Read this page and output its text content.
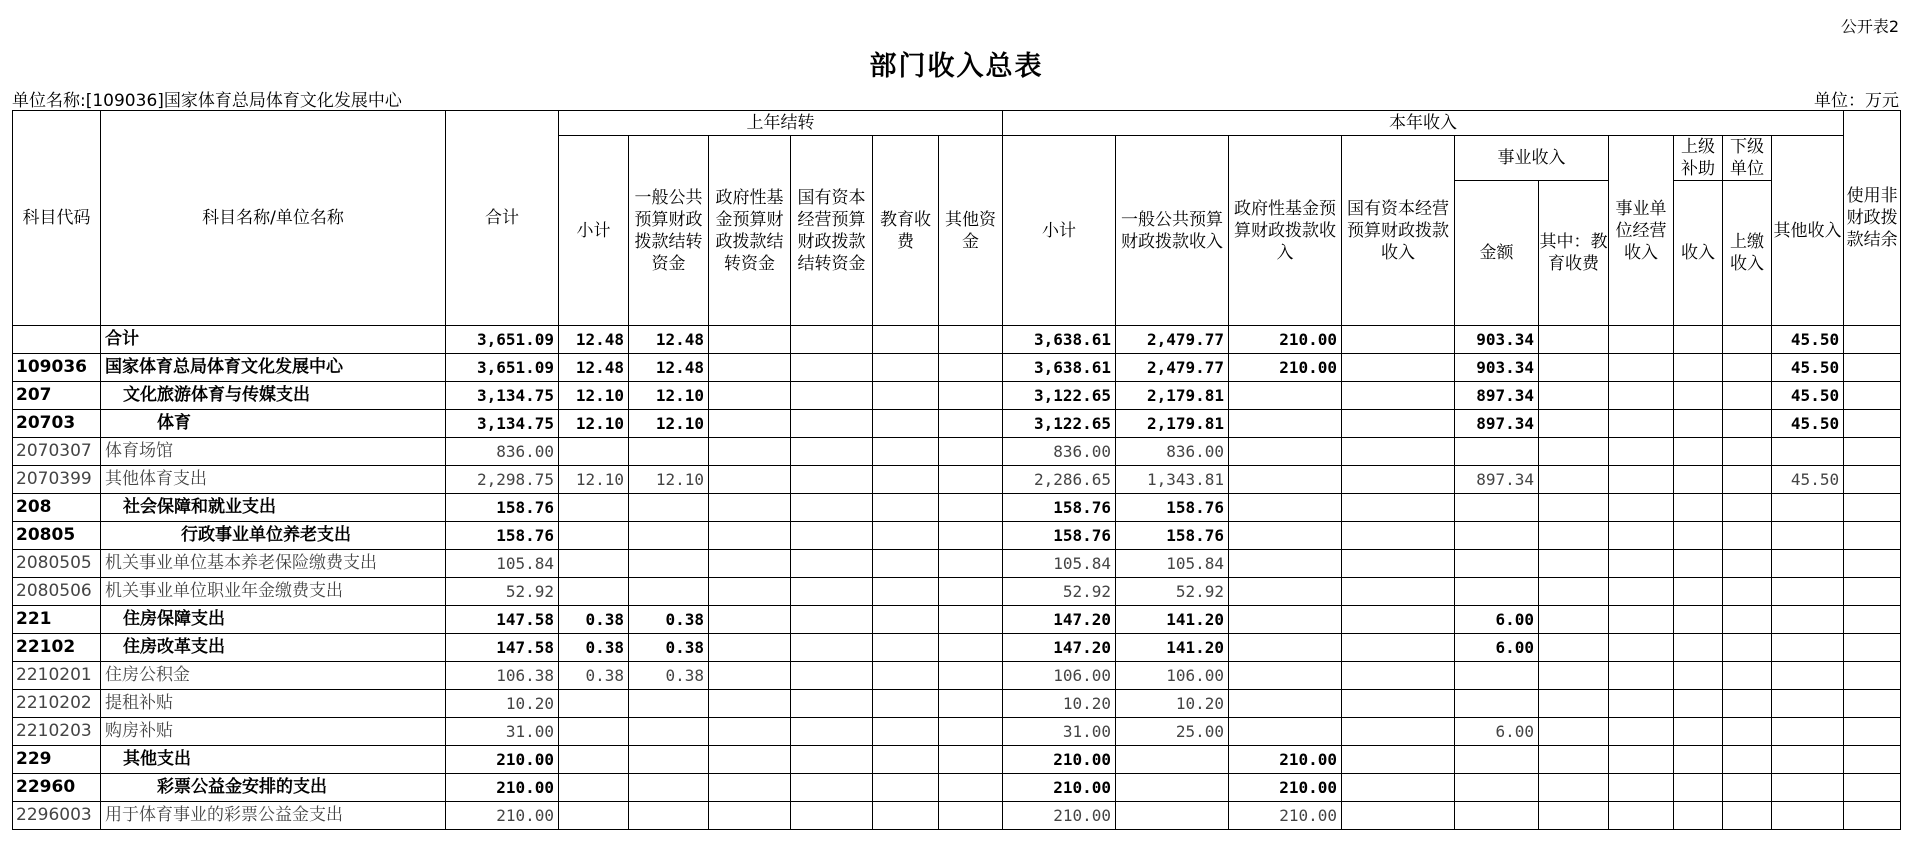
公开表2
部门收入总表
单位名称:[109036]国家体育总局体育文化发展中心	单位：万元
科目代码	科目名称/单位名称	合计	上年结转						本年收入										使用非财政拨款结余
			小计	一般公共预算财政拨款结转资金	政府性基金预算财政拨款结转资金	国有资本经营预算财政拨款结转资金	教育收费	其他资金	小计	一般公共预算财政拨款收入	政府性基金预算财政拨款收入	国有资本经营预算财政拨款收入	事业收入		事业单位经营收入	上级补助	下级单位	其他收入	
													金额	其中：教育收费		收入	上缴收入		
	合计	3,651.09	12.48	12.48					3,638.61	2,479.77	210.00		903.34					45.50	
109036	国家体育总局体育文化发展中心	3,651.09	12.48	12.48					3,638.61	2,479.77	210.00		903.34					45.50	
207	文化旅游体育与传媒支出	3,134.75	12.10	12.10					3,122.65	2,179.81			897.34					45.50	
20703	体育	3,134.75	12.10	12.10					3,122.65	2,179.81			897.34					45.50	
2070307	体育场馆	836.00							836.00	836.00									
2070399	其他体育支出	2,298.75	12.10	12.10					2,286.65	1,343.81			897.34					45.50	
208	社会保障和就业支出	158.76							158.76	158.76									
20805	行政事业单位养老支出	158.76							158.76	158.76									
2080505	机关事业单位基本养老保险缴费支出	105.84							105.84	105.84									
2080506	机关事业单位职业年金缴费支出	52.92							52.92	52.92									
221	住房保障支出	147.58	0.38	0.38					147.20	141.20			6.00						
22102	住房改革支出	147.58	0.38	0.38					147.20	141.20			6.00						
2210201	住房公积金	106.38	0.38	0.38					106.00	106.00									
2210202	提租补贴	10.20							10.20	10.20									
2210203	购房补贴	31.00							31.00	25.00			6.00						
229	其他支出	210.00							210.00		210.00								
22960	彩票公益金安排的支出	210.00							210.00		210.00								
2296003	用于体育事业的彩票公益金支出	210.00							210.00		210.00								
